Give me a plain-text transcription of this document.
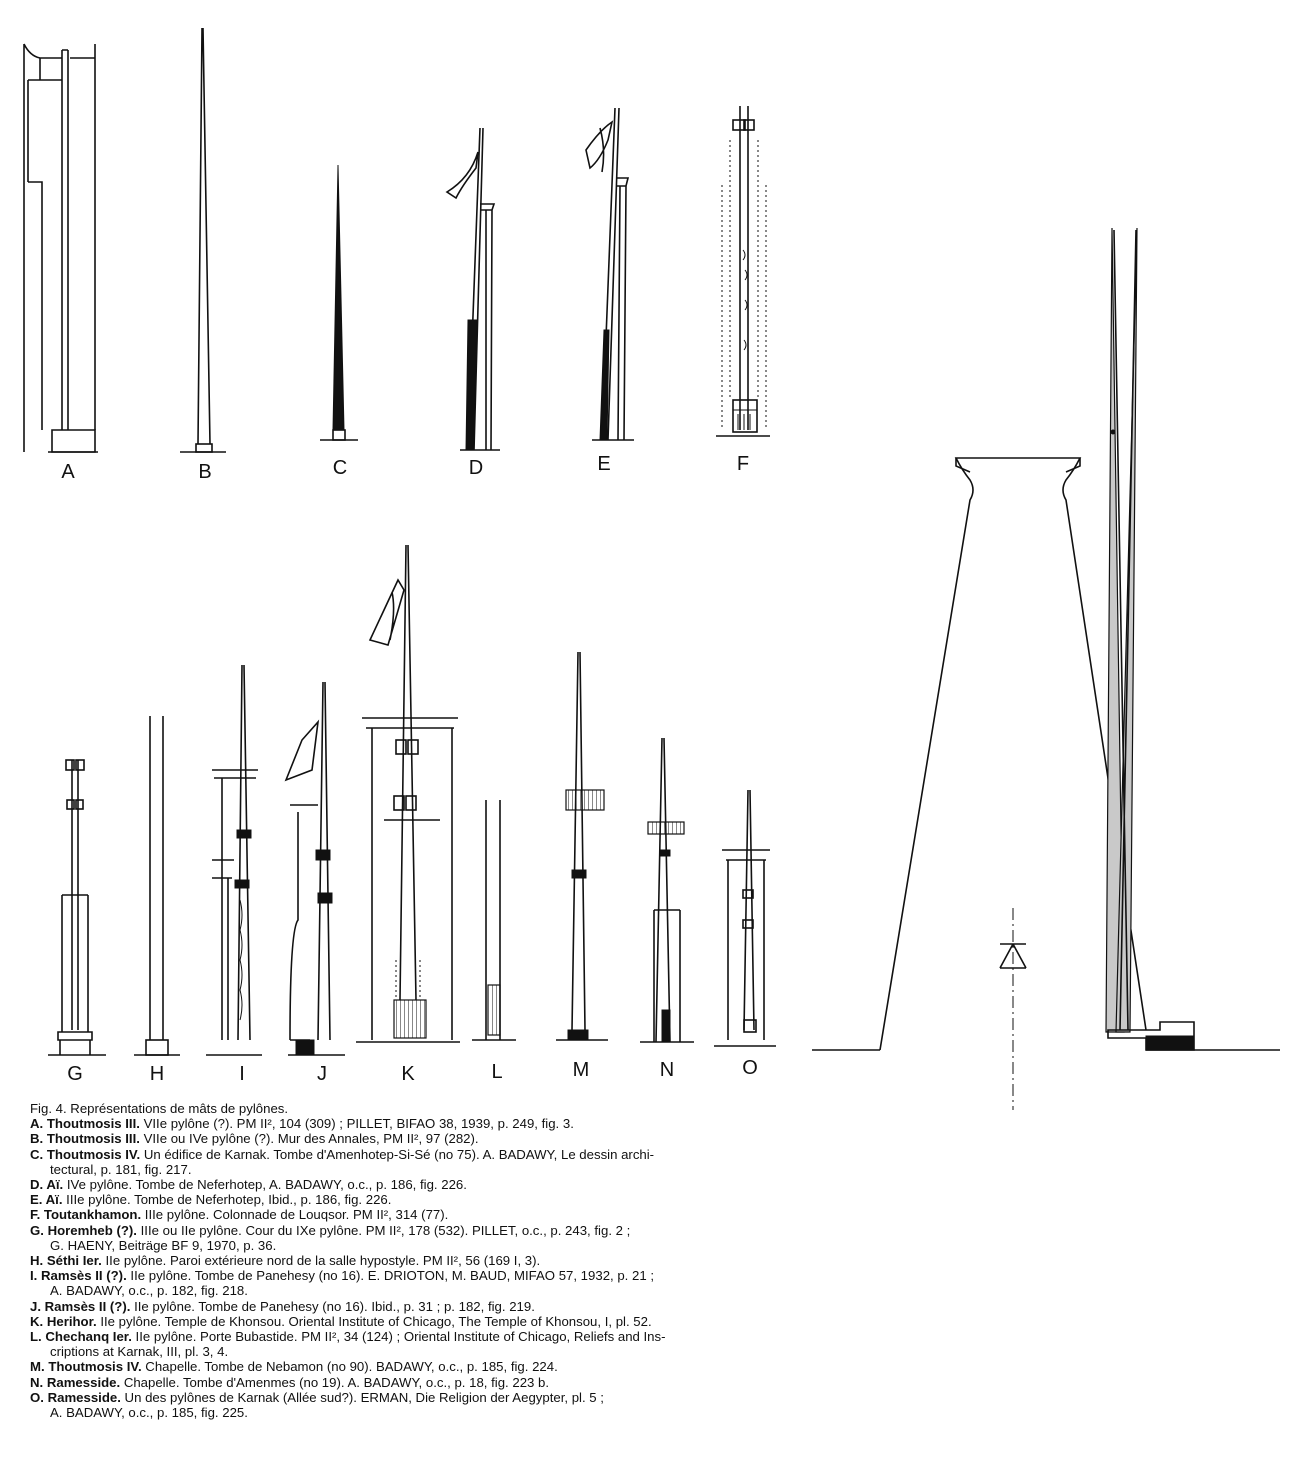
A	B	C	D	E	F
G	H	I	J	K	L	M	N	O

Fig. 4. Représentations de mâts de pylônes.

A. Thoutmosis III. VIIe pylône (?). PM II², 104 (309) ; PILLET, BIFAO 38, 1939, p. 249, fig. 3.

B. Thoutmosis III. VIIe ou IVe pylône (?). Mur des Annales, PM II², 97 (282).

C. Thoutmosis IV. Un édifice de Karnak. Tombe d'Amenhotep-Si-Sé (no 75). A. BADAWY, Le dessin archi-

tectural, p. 181, fig. 217.

D. Aï. IVe pylône. Tombe de Neferhotep, A. BADAWY, o.c., p. 186, fig. 226.

E. Aï. IIIe pylône. Tombe de Neferhotep, Ibid., p. 186, fig. 226.

F. Toutankhamon. IIIe pylône. Colonnade de Louqsor. PM II², 314 (77).

G. Horemheb (?). IIIe ou IIe pylône. Cour du IXe pylône. PM II², 178 (532). PILLET, o.c., p. 243, fig. 2 ;

G. HAENY, Beiträge BF 9, 1970, p. 36.

H. Séthi Ier. IIe pylône. Paroi extérieure nord de la salle hypostyle. PM II², 56 (169 I, 3).

I. Ramsès II (?). IIe pylône. Tombe de Panehesy (no 16). E. DRIOTON, M. BAUD, MIFAO 57, 1932, p. 21 ;

A. BADAWY, o.c., p. 182, fig. 218.

J. Ramsès II (?). IIe pylône. Tombe de Panehesy (no 16). Ibid., p. 31 ; p. 182, fig. 219.

K. Herihor. IIe pylône. Temple de Khonsou. Oriental Institute of Chicago, The Temple of Khonsou, I, pl. 52.

L. Chechanq Ier. IIe pylône. Porte Bubastide. PM II², 34 (124) ; Oriental Institute of Chicago, Reliefs and Ins-

criptions at Karnak, III, pl. 3, 4.

M. Thoutmosis IV. Chapelle. Tombe de Nebamon (no 90). BADAWY, o.c., p. 185, fig. 224.

N. Ramesside. Chapelle. Tombe d'Amenmes (no 19). A. BADAWY, o.c., p. 18, fig. 223 b.

O. Ramesside. Un des pylônes de Karnak (Allée sud?). ERMAN, Die Religion der Aegypter, pl. 5 ;

A. BADAWY, o.c., p. 185, fig. 225.
